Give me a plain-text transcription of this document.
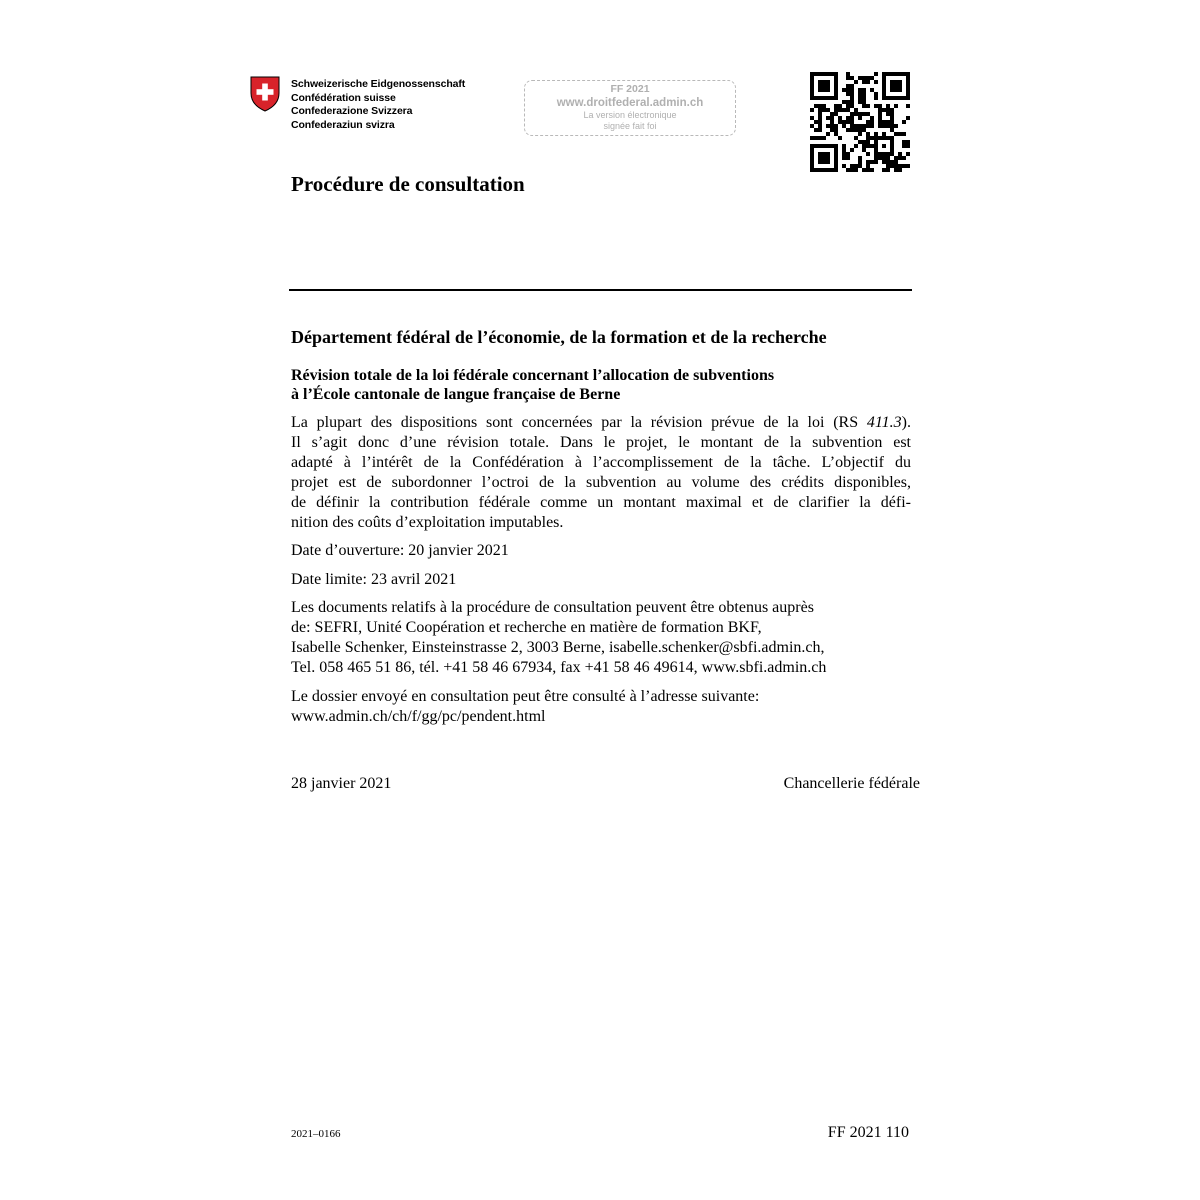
Schweizerische Eidgenossenschaft
Confédération suisse
Confederazione Svizzera
Confederaziun svizra
FF 2021
www.droitfederal.admin.ch
La version électronique
signée fait foi
Procédure de consultation
Département fédéral de l’économie, de la formation et de la recherche
Révision totale de la loi fédérale concernant l’allocation de subventions
à l’École cantonale de langue française de Berne
La plupart des dispositions sont concernées par la révision prévue de la loi (RS 411.3).
Il s’agit donc d’une révision totale. Dans le projet, le montant de la subvention est
adapté à l’intérêt de la Confédération à l’accomplissement de la tâche. L’objectif du
projet est de subordonner l’octroi de la subvention au volume des crédits disponibles,
de définir la contribution fédérale comme un montant maximal et de clarifier la défi-
nition des coûts d’exploitation imputables.
Date d’ouverture: 20 janvier 2021
Date limite: 23 avril 2021
Les documents relatifs à la procédure de consultation peuvent être obtenus auprès
de: SEFRI, Unité Coopération et recherche en matière de formation BKF,
Isabelle Schenker, Einsteinstrasse 2, 3003 Berne, isabelle.schenker@sbfi.admin.ch,
Tel. 058 465 51 86, tél. +41 58 46 67934, fax +41 58 46 49614, www.sbfi.admin.ch
Le dossier envoyé en consultation peut être consulté à l’adresse suivante:
www.admin.ch/ch/f/gg/pc/pendent.html
28 janvier 2021	Chancellerie fédérale
2021–0166	FF 2021 110
